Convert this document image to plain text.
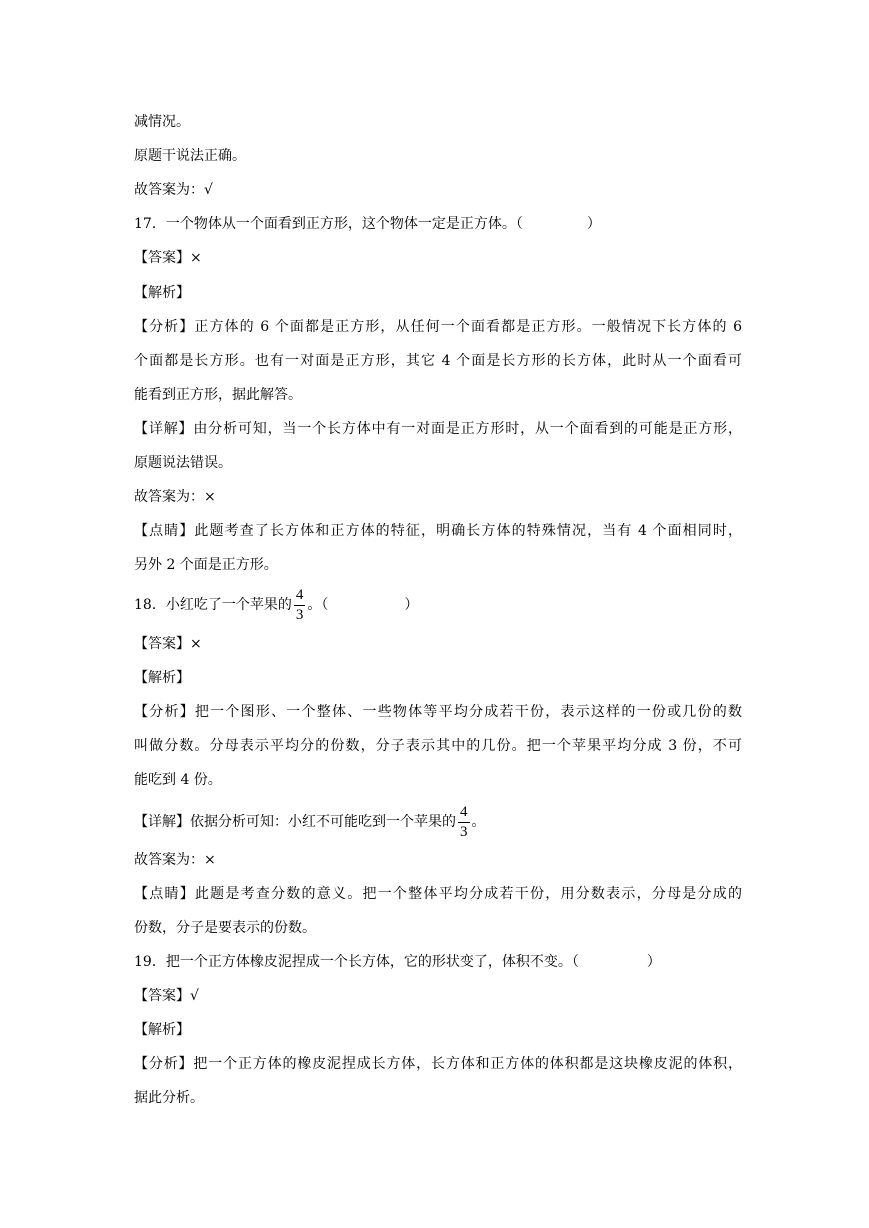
减情况。
原题干说法正确。
故答案为：√
17．一个物体从一个面看到正方形，这个物体一定是正方体。（	）
【答案】×
【解析】
【分析】正方体的 6 个面都是正方形，从任何一个面看都是正方形。一般情况下长方体的 6
个面都是长方形。也有一对面是正方形，其它 4 个面是长方形的长方体，此时从一个面看可
能看到正方形，据此解答。
【详解】由分析可知，当一个长方体中有一对面是正方形时，从一个面看到的可能是正方形，
原题说法错误。
故答案为：×
【点睛】此题考查了长方体和正方体的特征，明确长方体的特殊情况，当有 4 个面相同时，
另外 2 个面是正方形。
18．小红吃了一个苹果的 $\frac{4}{3}$ 。（	）
【答案】×
【解析】
【分析】把一个图形、一个整体、一些物体等平均分成若干份，表示这样的一份或几份的数
叫做分数。分母表示平均分的份数，分子表示其中的几份。把一个苹果平均分成 3 份，不可
能吃到 4 份。
【详解】依据分析可知：小红不可能吃到一个苹果的 $\frac{4}{3}$ 。
故答案为：×
【点睛】此题是考查分数的意义。把一个整体平均分成若干份，用分数表示，分母是分成的
份数，分子是要表示的份数。
19．把一个正方体橡皮泥捏成一个长方体，它的形状变了，体积不变。（	）
【答案】√
【解析】
【分析】把一个正方体的橡皮泥捏成长方体，长方体和正方体的体积都是这块橡皮泥的体积，
据此分析。
